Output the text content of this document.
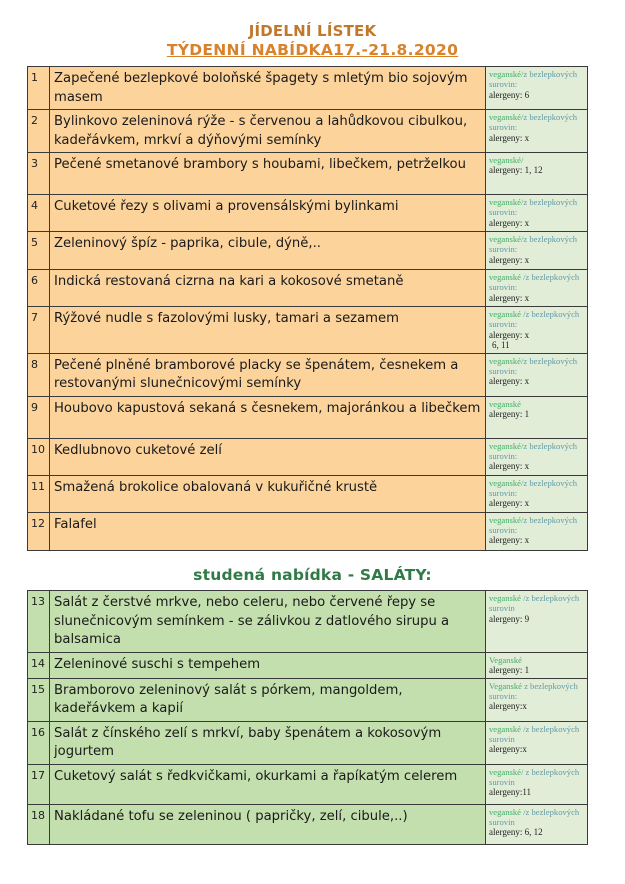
JÍDELNÍ LÍSTEK
TÝDENNÍ NABÍDKA17.-21.8.2020
1	Zapečené bezlepkové boloňské špagety s mletým bio sojovým masem	veganské/z bezlepkových surovin:
alergeny: 6

2	Bylinkovo zeleninová rýže - s červenou a lahůdkovou cibulkou, kadeřávkem, mrkví a dýňovými semínky	veganské/z bezlepkových surovin:
alergeny: x

3	Pečené smetanové brambory s houbami, libečkem, petrželkou	veganské/
alergeny: 1, 12

4	Cuketové řezy s olivami a provensálskými bylinkami	veganské/z bezlepkových surovin:
alergeny: x

5	Zeleninový špíz - paprika, cibule, dýně,..	veganské/z bezlepkových surovin:
alergeny: x

6	Indická restovaná cizrna na kari a kokosové smetaně	veganské /z bezlepkových surovin:
alergeny: x

7	Rýžové nudle s fazolovými lusky, tamari a sezamem	veganské /z bezlepkových surovin:
alergeny: x
6, 11

8	Pečené plněné bramborové placky se špenátem, česnekem a restovanými slunečnicovými semínky	veganské/z bezlepkových surovin:
alergeny: x

9	Houbovo kapustová sekaná s česnekem, majoránkou a libečkem	veganské
alergeny: 1

10	Kedlubnovo cuketové zelí	veganské/z bezlepkových surovin:
alergeny: x

11	Smažená brokolice obalovaná v kukuřičné krustě	veganské/z bezlepkových surovin:
alergeny: x

12	Falafel	veganské/z bezlepkových surovin:
alergeny: x
studená nabídka - SALÁTY:
13	Salát z čerstvé mrkve, nebo celeru, nebo červené řepy se slunečnicovým semínkem - se zálivkou z datlového sirupu a balsamica	veganské /z bezlepkových surovin
alergeny: 9

14	Zeleninové suschi s tempehem	Veganské
alergeny: 1

15	Bramborovo zeleninový salát s pórkem, mangoldem, kadeřávkem a kapií	Veganské z bezlepkových surovin:
alergeny:x

16	Salát z čínského zelí s mrkví, baby špenátem a kokosovým jogurtem	veganské /z bezlepkových surovin
alergeny:x

17	Cuketový salát s ředkvičkami, okurkami a řapíkatým celerem	veganské/ z bezlepkových surovin
alergeny:11

18	Nakládané tofu se zeleninou ( papričky, zelí, cibule,..)	veganské /z bezlepkových surovin
alergeny: 6, 12
